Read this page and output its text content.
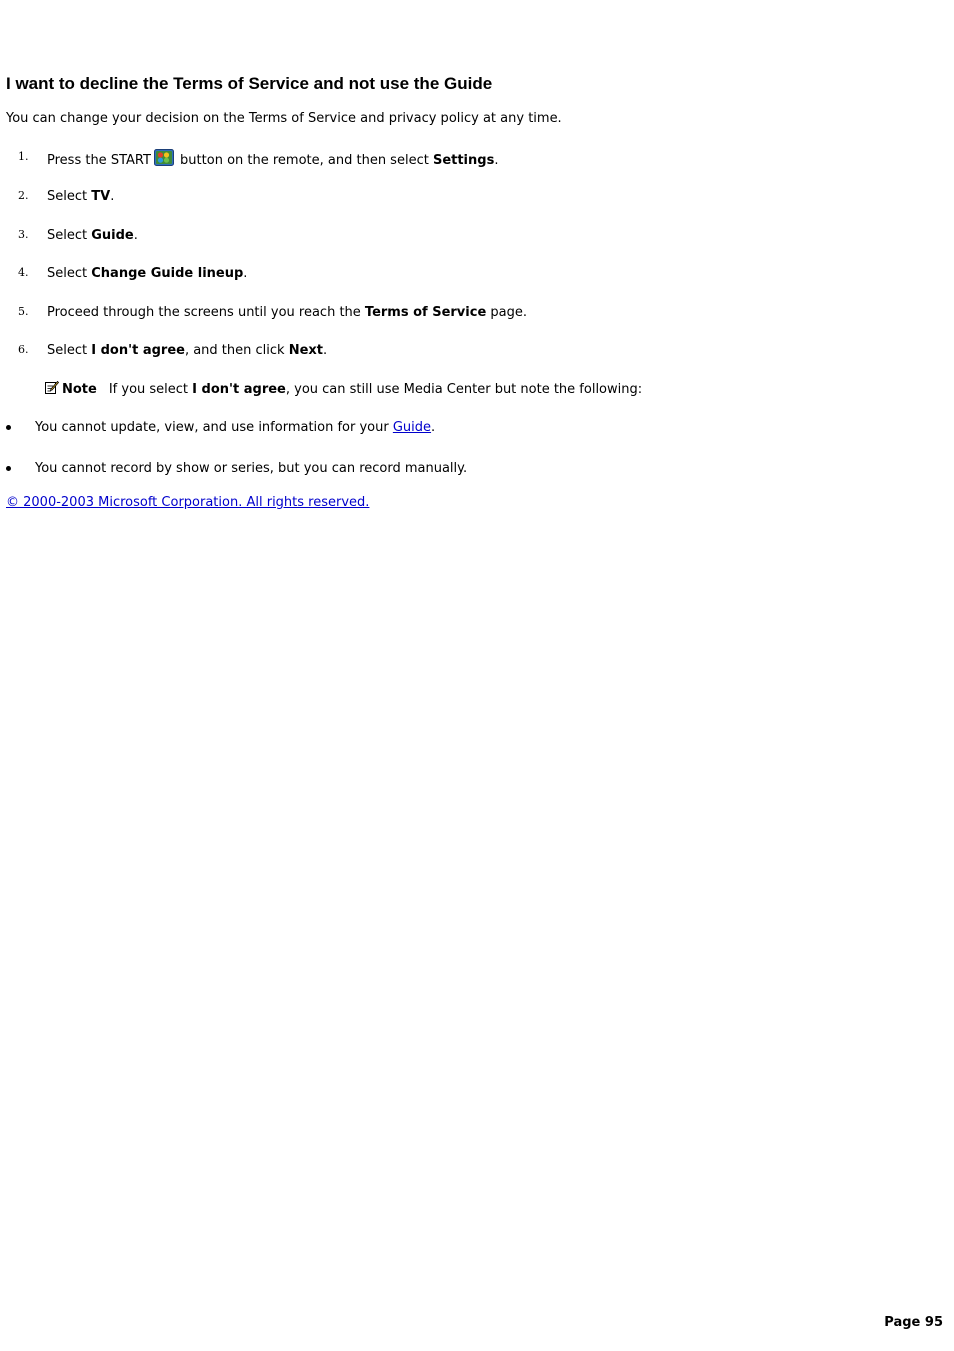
I want to decline the Terms of Service and not use the Guide
You can change your decision on the Terms of Service and privacy policy at any time.
1. Press the START button on the remote, and then select Settings.
2. Select TV.
3. Select Guide.
4. Select Change Guide lineup.
5. Proceed through the screens until you reach the Terms of Service page.
6. Select I don't agree, and then click Next.
Note If you select I don't agree, you can still use Media Center but note the following:
You cannot update, view, and use information for your Guide.
You cannot record by show or series, but you can record manually.
© 2000-2003 Microsoft Corporation. All rights reserved.
Page 95
